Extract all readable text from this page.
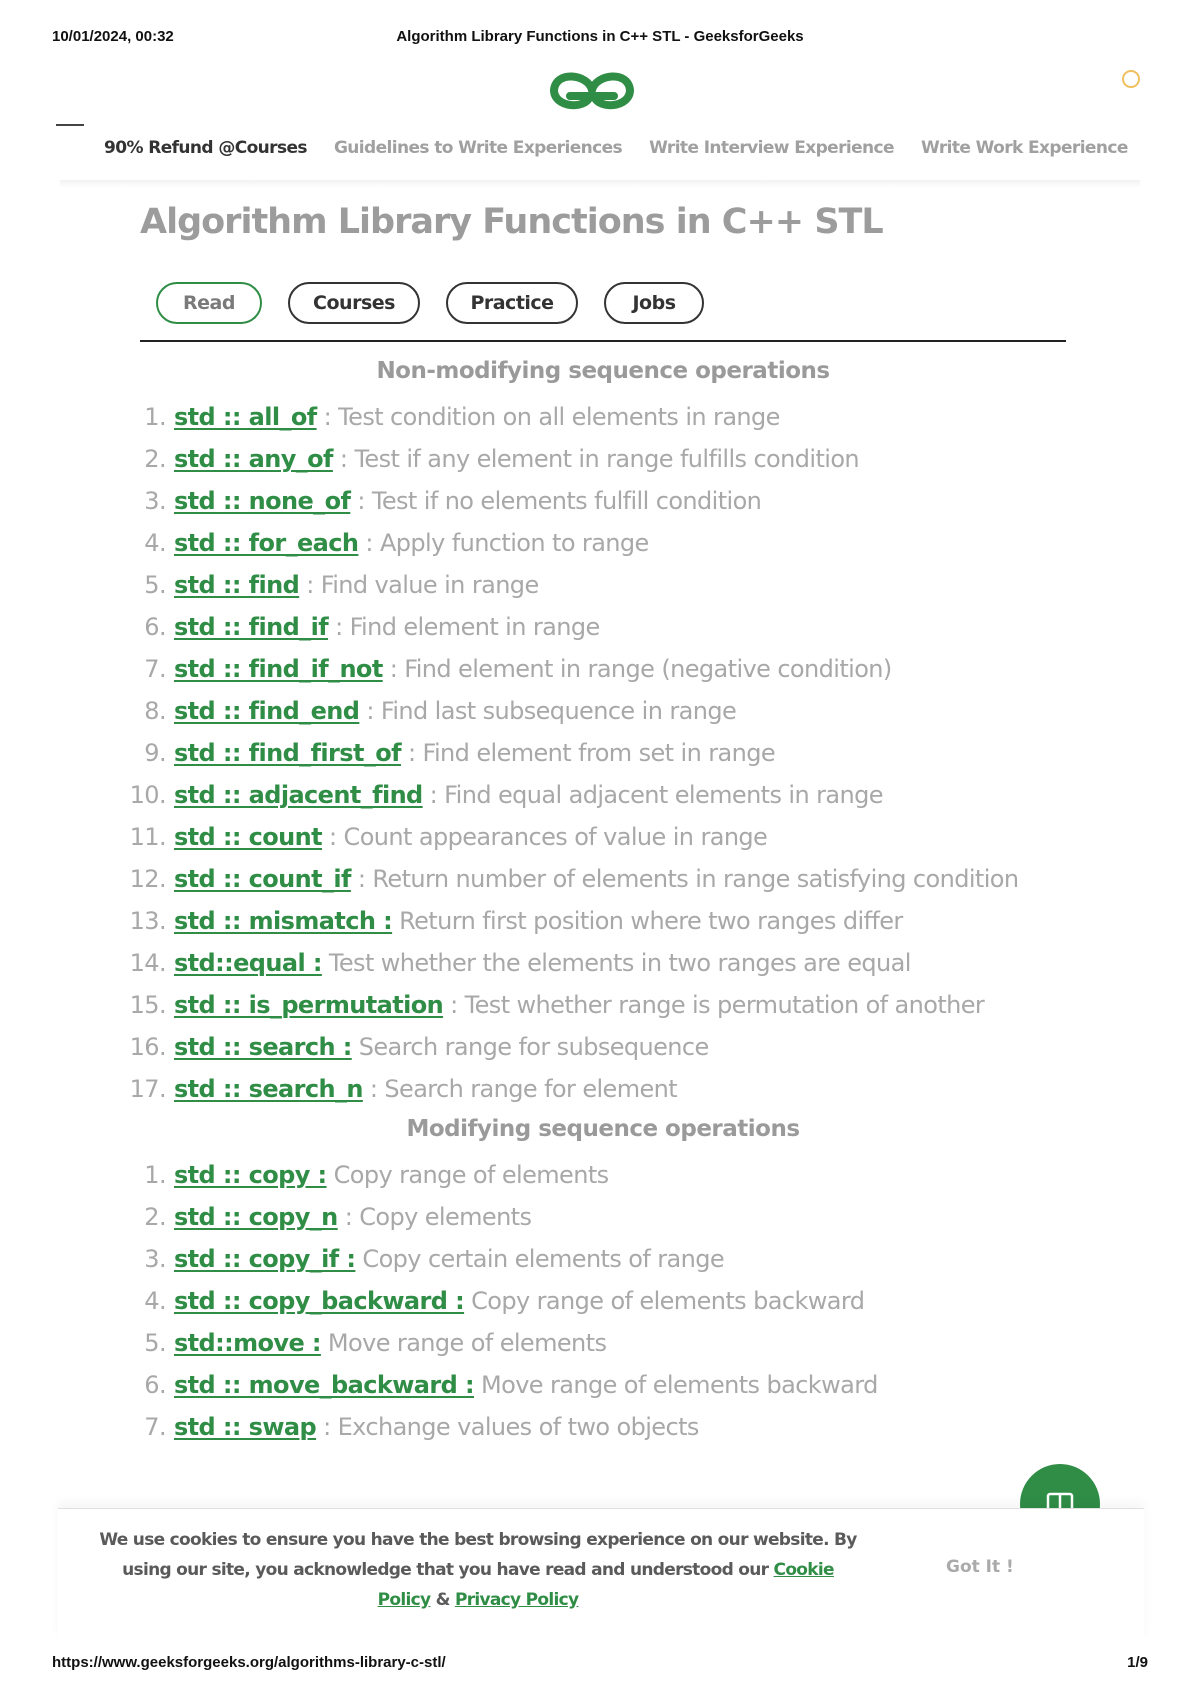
10/01/2024, 00:32	Algorithm Library Functions in C++ STL - GeeksforGeeks
90% Refund @Courses Guidelines to Write Experiences Write Interview Experience Write Work Experience
Algorithm Library Functions in C++ STL
Read	Courses	Practice	Jobs
Non-modifying sequence operations
1. std :: all_of : Test condition on all elements in range
2. std :: any_of : Test if any element in range fulfills condition
3. std :: none_of : Test if no elements fulfill condition
4. std :: for_each : Apply function to range
5. std :: find : Find value in range
6. std :: find_if : Find element in range
7. std :: find_if_not : Find element in range (negative condition)
8. std :: find_end : Find last subsequence in range
9. std :: find_first_of : Find element from set in range
10. std :: adjacent_find : Find equal adjacent elements in range
11. std :: count : Count appearances of value in range
12. std :: count_if : Return number of elements in range satisfying condition
13. std :: mismatch : Return first position where two ranges differ
14. std::equal : Test whether the elements in two ranges are equal
15. std :: is_permutation : Test whether range is permutation of another
16. std :: search : Search range for subsequence
17. std :: search_n : Search range for element
Modifying sequence operations
1. std :: copy : Copy range of elements
2. std :: copy_n : Copy elements
3. std :: copy_if : Copy certain elements of range
4. std :: copy_backward : Copy range of elements backward
5. std::move : Move range of elements
6. std :: move_backward : Move range of elements backward
7. std :: swap : Exchange values of two objects

We use cookies to ensure you have the best browsing experience on our website. By using our site, you acknowledge that you have read and understood our Cookie Policy & Privacy Policy

Got It !
https://www.geeksforgeeks.org/algorithms-library-c-stl/	1/9
